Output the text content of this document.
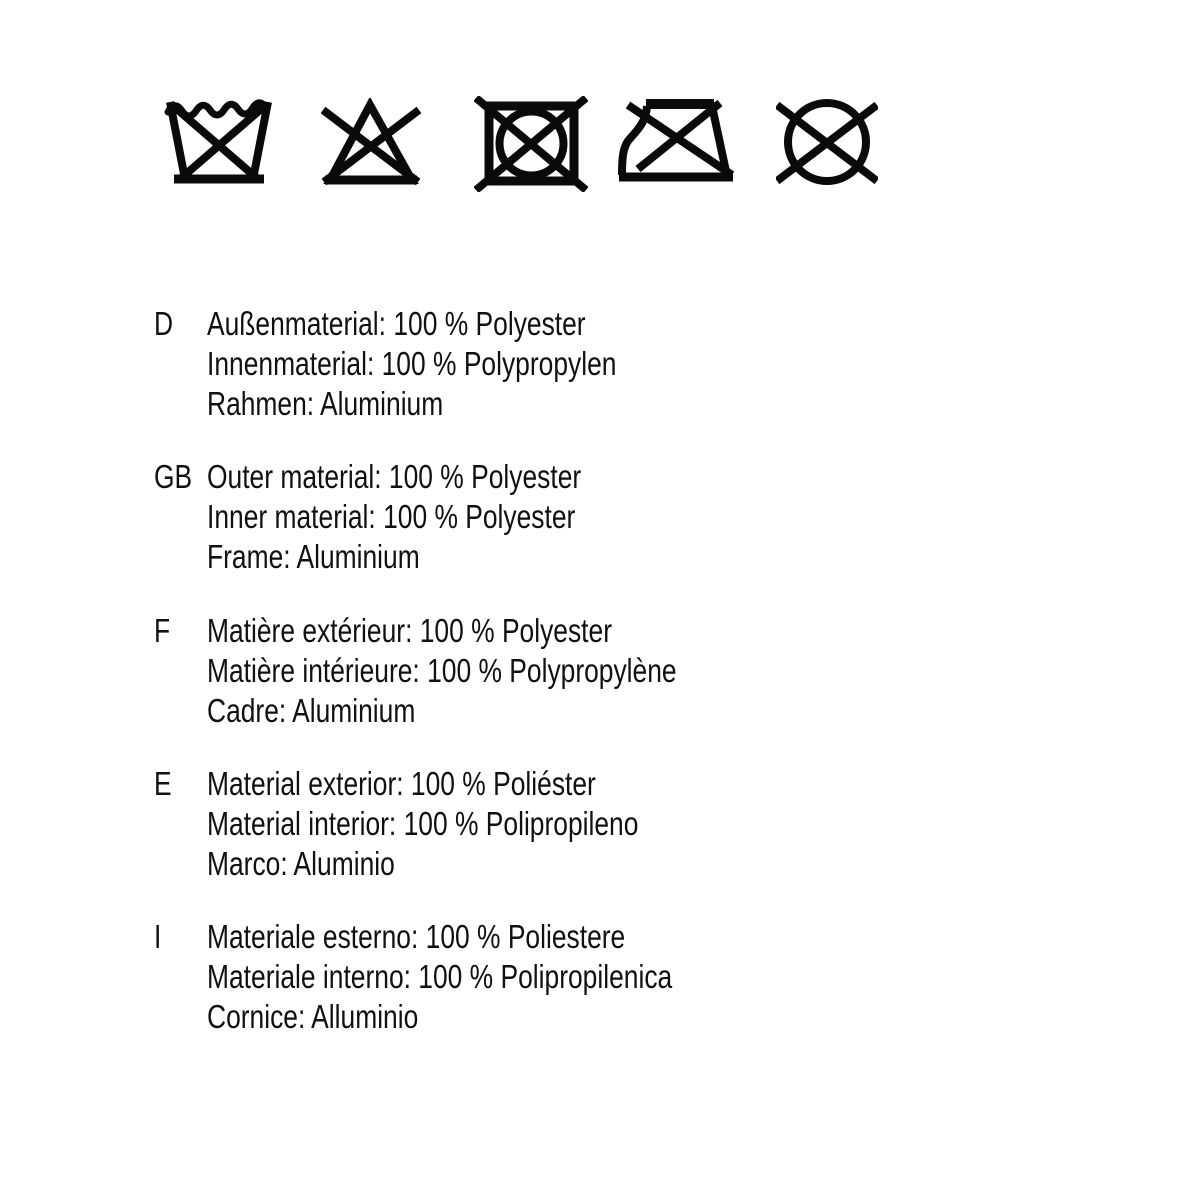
D Außenmaterial: 100 % Polyester
Innenmaterial: 100 % Polypropylen
Rahmen: Aluminium
GB Outer material: 100 % Polyester
Inner material: 100 % Polyester
Frame: Aluminium
F Matière extérieur: 100 % Polyester
Matière intérieure: 100 % Polypropylène
Cadre: Aluminium
E Material exterior: 100 % Poliéster
Material interior: 100 % Polipropileno
Marco: Aluminio
I Materiale esterno: 100 % Poliestere
Materiale interno: 100 % Polipropilenica
Cornice: Alluminio
